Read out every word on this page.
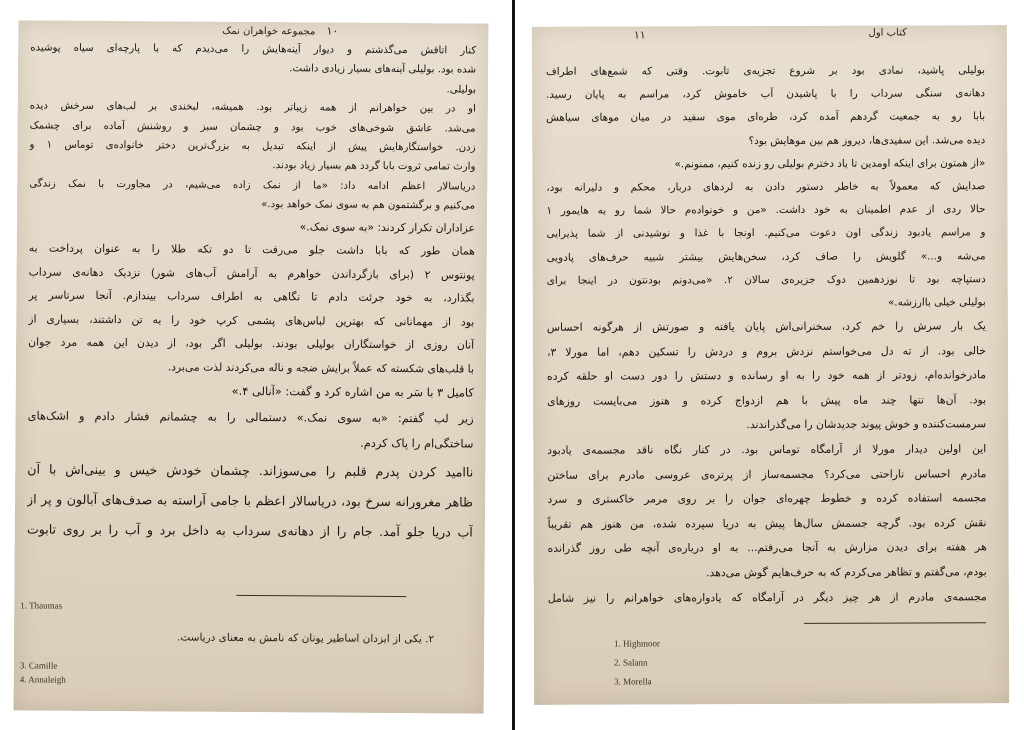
۱۰ مجموعه خواهران نمک
کنار اتاقش می‌گذشتم و دیوار آینه‌هایش را می‌دیدم که با پارچه‌ای سیاه پوشیده
شده بود. بولیلی آینه‌های بسیار زیادی داشت.
بولیلی.
او در بین خواهرانم از همه زیباتر بود. همیشه، لبخندی بر لب‌های سرخش دیده
می‌شد. عاشق شوخی‌های خوب بود و چشمان سبز و روشنش آماده برای چشمک
زدن. خواستگارهایش پیش از اینکه تبدیل به بزرگ‌ترین دختر خانواده‌ی توماس ۱ و
وارث تمامی ثروت بابا گردد هم بسیار زیاد بودند.
دریاسالار اعظم ادامه داد: «ما از نمک زاده می‌شیم، در مجاورت با نمک زندگی
می‌کنیم و برگشتمون هم به سوی نمک خواهد بود.»
عزاداران تکرار کردند: «به سوی نمک.»
همان طور که بابا داشت جلو می‌رفت تا دو تکه طلا را به عنوان پرداخت به
پونتوس ۲ (برای بازگرداندن خواهرم به آرامش آب‌های شور) نزدیک دهانه‌ی سرداب
بگذارد، به خود جرئت دادم تا نگاهی به اطراف سرداب بیندازم. آنجا سرتاسر پر
بود از مهمانانی که بهترین لباس‌های پشمی کرپ خود را به تن داشتند، بسیاری از
آنان روزی از خواستگاران بولیلی بودند. بولیلی اگر بود، از دیدن این همه مرد جوان
با قلب‌های شکسته که عملاً برایش ضجه و ناله می‌کردند لذت می‌برد.
کامیل ۳ با سَر به من اشاره کرد و گفت: «آنالی ۴.»
زیر لب گفتم: «به سوی نمک.» دستمالی را به چشمانم فشار دادم و اشک‌های
ساختگی‌ام را پاک کردم.
ناامید کردن پدرم قلبم را می‌سوزاند. چشمان خودش خیس و بینی‌اش با آن
ظاهر مغرورانه سرخ بود، دریاسالار اعظم با جامی آراسته به صدف‌های آبالون و پر از
آب دریا جلو آمد. جام را از دهانه‌ی سرداب به داخل برد و آب را بر روی تابوت
1. Thaumas
3. Camille
4. Annaleigh
۲. یکی از ایزدان اساطیر یونان که نامش به معنای دریاست.
۱۱	کتاب اول
بولیلی پاشید، نمادی بود بر شروع تجزیه‌ی تابوت. وقتی که شمع‌های اطراف
دهانه‌ی سنگی سرداب را با پاشیدن آب خاموش کرد، مراسم به پایان رسید.
بابا رو به جمعیت گردهم آمده کرد، طره‌ای موی سفید در میان موهای سیاهش
دیده می‌شد. این سفیدی‌ها، دیروز هم بین موهایش بود؟
«از همتون برای اینکه اومدین تا یاد دخترم بولیلی رو زنده کنیم، ممنونم.»
صدایش که معمولاً به خاطر دستور دادن به لردهای دربار، محکم و دلیرانه بود،
حالا ردی از عدم اطمینان به خود داشت. «من و خونواده‌م حالا شما رو به هایمور ۱
و مراسم یادبود زندگی اون دعوت می‌کنیم. اونجا با غذا و نوشیدنی از شما پذیرایی
می‌شه و...» گلویش را صاف کرد، سخن‌هایش بیشتر شبیه حرف‌های پادویی
دستپاچه بود تا نوزدهمین دوک جزیره‌ی سالان ۲. «می‌دونم بودنتون در اینجا برای
بولیلی خیلی باارزشه.»
یک بار سرش را خم کرد، سخنرانی‌اش پایان یافته و صورتش از هرگونه احساس
خالی بود. از ته دل می‌خواستم نزدش بروم و دردش را تسکین دهم، اما مورلا ۳،
مادرخوانده‌ام، زودتر از همه خود را به او رسانده و دستش را دور دست او حلقه کرده
بود. آن‌ها تنها چند ماه پیش با هم ازدواج کرده و هنوز می‌بایست روزهای
سرمست‌کننده و خوش پیوند جدیدشان را می‌گذراندند.
این اولین دیدار مورلا از آرامگاه توماس بود. در کنار نگاه ناقد مجسمه‌ی یادبود
مادرم احساس ناراحتی می‌کرد؟ مجسمه‌ساز از پرتره‌ی عروسی مادرم برای ساختن
مجسمه استفاده کرده و خطوط چهره‌ای جوان را بر روی مرمر خاکستری و سرد
نقش کرده بود. گرچه جسمش سال‌ها پیش به دریا سپرده شده، من هنوز هم تقریباً
هر هفته برای دیدن مزارش به آنجا می‌رفتم... به او درباره‌ی آنچه طی روز گذرانده
بودم، می‌گفتم و تظاهر می‌کردم که به حرف‌هایم گوش می‌دهد.
مجسمه‌ی مادرم از هر چیز دیگر در آرامگاه که یادواره‌های خواهرانم را نیز شامل
1. Highmoor
2. Salann
3. Morella
